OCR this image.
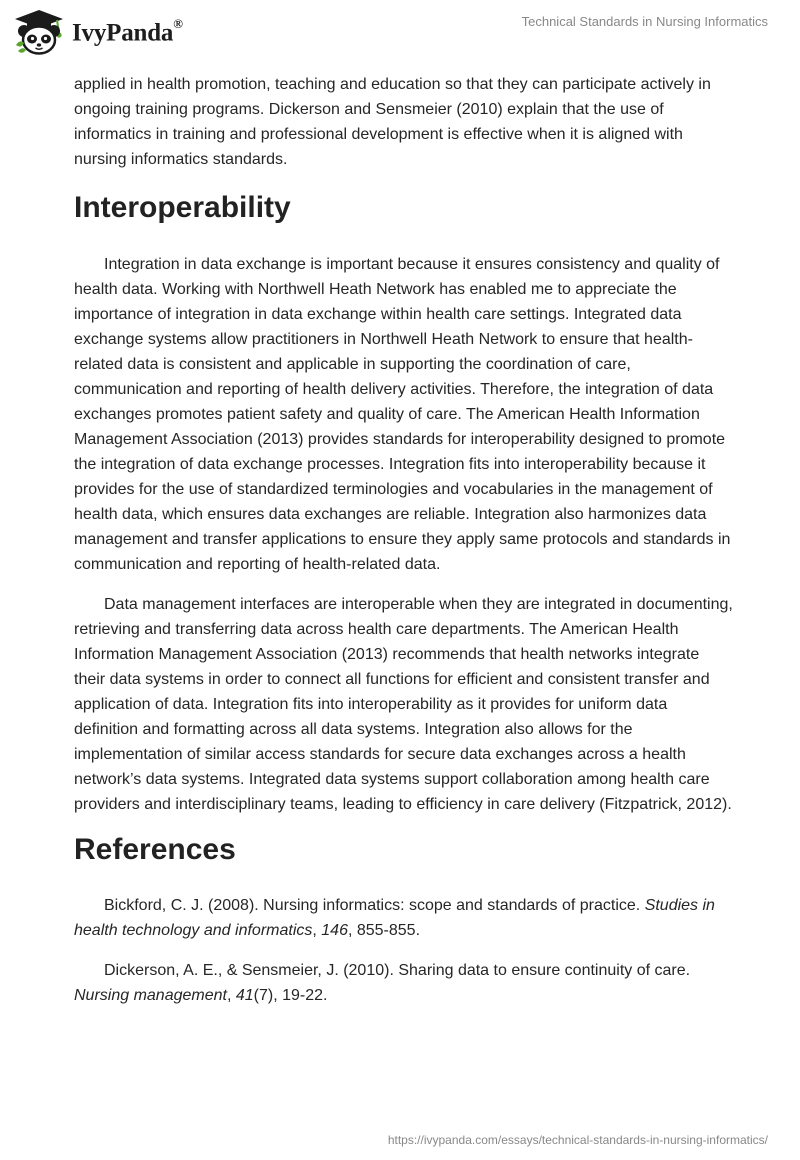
IvyPanda®	Technical Standards in Nursing Informatics

applied in health promotion, teaching and education so that they can participate actively in ongoing training programs. Dickerson and Sensmeier (2010) explain that the use of informatics in training and professional development is effective when it is aligned with nursing informatics standards.

Interoperability

Integration in data exchange is important because it ensures consistency and quality of health data. Working with Northwell Heath Network has enabled me to appreciate the importance of integration in data exchange within health care settings. Integrated data exchange systems allow practitioners in Northwell Heath Network to ensure that health-related data is consistent and applicable in supporting the coordination of care, communication and reporting of health delivery activities. Therefore, the integration of data exchanges promotes patient safety and quality of care. The American Health Information Management Association (2013) provides standards for interoperability designed to promote the integration of data exchange processes. Integration fits into interoperability because it provides for the use of standardized terminologies and vocabularies in the management of health data, which ensures data exchanges are reliable. Integration also harmonizes data management and transfer applications to ensure they apply same protocols and standards in communication and reporting of health-related data.

Data management interfaces are interoperable when they are integrated in documenting, retrieving and transferring data across health care departments. The American Health Information Management Association (2013) recommends that health networks integrate their data systems in order to connect all functions for efficient and consistent transfer and application of data. Integration fits into interoperability as it provides for uniform data definition and formatting across all data systems. Integration also allows for the implementation of similar access standards for secure data exchanges across a health network’s data systems. Integrated data systems support collaboration among health care providers and interdisciplinary teams, leading to efficiency in care delivery (Fitzpatrick, 2012).

References

Bickford, C. J. (2008). Nursing informatics: scope and standards of practice. Studies in health technology and informatics, 146, 855-855.

Dickerson, A. E., & Sensmeier, J. (2010). Sharing data to ensure continuity of care. Nursing management, 41(7), 19-22.

https://ivypanda.com/essays/technical-standards-in-nursing-informatics/
